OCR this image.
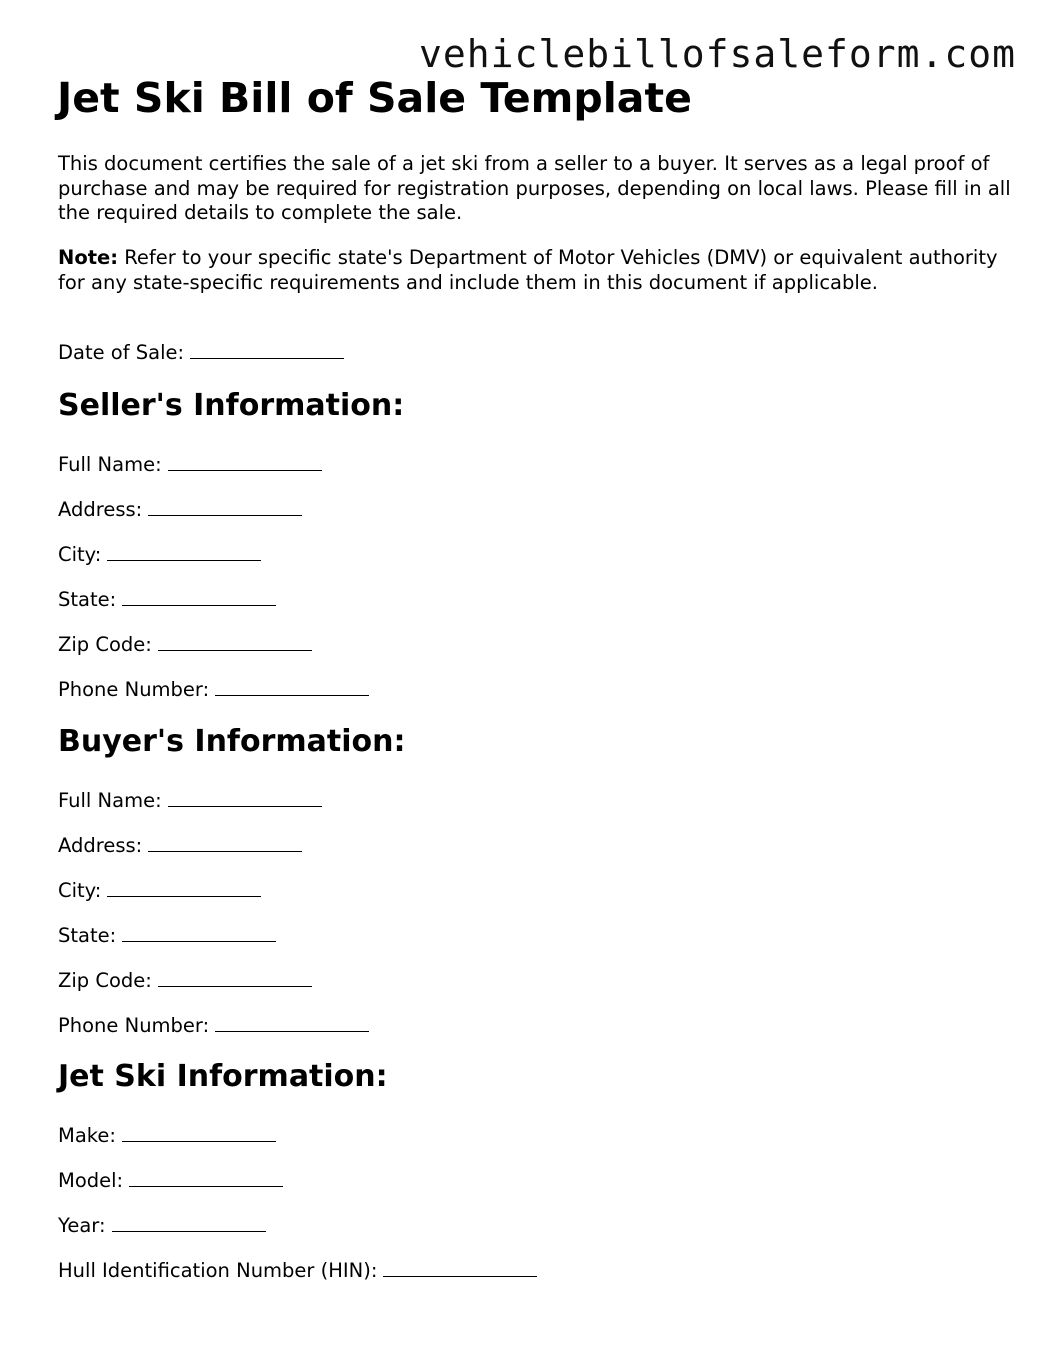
vehiclebillofsaleform.com
Jet Ski Bill of Sale Template

This document certifies the sale of a jet ski from a seller to a buyer. It serves as a legal proof of purchase and may be required for registration purposes, depending on local laws. Please fill in all the required details to complete the sale.

Note: Refer to your specific state's Department of Motor Vehicles (DMV) or equivalent authority for any state-specific requirements and include them in this document if applicable.

Date of Sale:
Seller's Information:
Full Name:
Address:
City:
State:
Zip Code:
Phone Number:
Buyer's Information:
Full Name:
Address:
City:
State:
Zip Code:
Phone Number:
Jet Ski Information:
Make:
Model:
Year:
Hull Identification Number (HIN):
